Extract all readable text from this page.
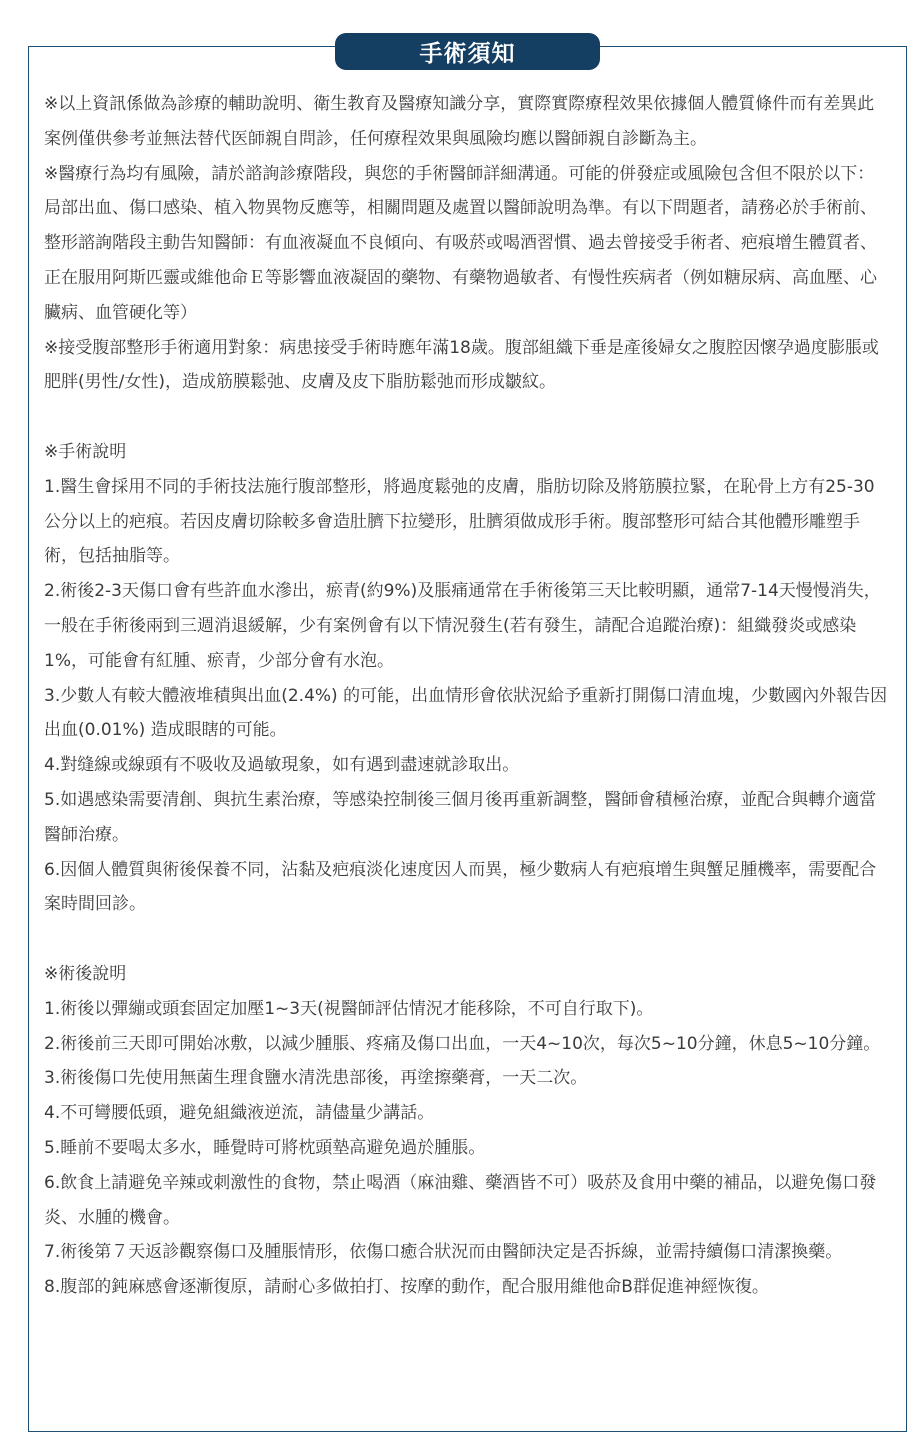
手術須知

※以上資訊係做為診療的輔助說明、衛生教育及醫療知識分享，實際實際療程效果依據個人體質條件而有差異此案例僅供參考並無法替代医師親自問診，任何療程效果與風險均應以醫師親自診斷為主。

※醫療行為均有風險，請於諮詢診療階段，與您的手術醫師詳細溝通。可能的併發症或風險包含但不限於以下：局部出血、傷口感染、植入物異物反應等，相關問題及處置以醫師說明為準。有以下問題者，請務必於手術前、整形諮詢階段主動告知醫師：有血液凝血不良傾向、有吸菸或喝酒習慣、過去曾接受手術者、疤痕增生體質者、正在服用阿斯匹靈或維他命Ｅ等影響血液凝固的藥物、有藥物過敏者、有慢性疾病者（例如糖尿病、高血壓、心臟病、血管硬化等）

※接受腹部整形手術適用對象：病患接受手術時應年滿18歲。腹部組織下垂是產後婦女之腹腔因懷孕過度膨脹或肥胖(男性/女性)，造成筋膜鬆弛、皮膚及皮下脂肪鬆弛而形成皺紋。

※手術說明

1.醫生會採用不同的手術技法施行腹部整形，將過度鬆弛的皮膚，脂肪切除及將筋膜拉緊，在恥骨上方有25-30公分以上的疤痕。若因皮膚切除較多會造肚臍下拉變形，肚臍須做成形手術。腹部整形可結合其他體形雕塑手術，包括抽脂等。

2.術後2-3天傷口會有些許血水滲出，瘀青(約9%)及脹痛通常在手術後第三天比較明顯，通常7-14天慢慢消失，一般在手術後兩到三週消退緩解，少有案例會有以下情況發生(若有發生，請配合追蹤治療)：組織發炎或感染1%，可能會有紅腫、瘀青，少部分會有水泡。

3.少數人有較大體液堆積與出血(2.4%) 的可能，出血情形會依狀況給予重新打開傷口清血塊，少數國內外報告因出血(0.01%) 造成眼瞎的可能。

4.對缝線或線頭有不吸收及過敏現象，如有遇到盡速就診取出。

5.如遇感染需要清創、與抗生素治療，等感染控制後三個月後再重新調整，醫師會積極治療，並配合與轉介適當醫師治療。

6.因個人體質與術後保養不同，沾黏及疤痕淡化速度因人而異，極少數病人有疤痕增生與蟹足腫機率，需要配合案時間回診。

※術後說明

1.術後以彈繃或頭套固定加壓1~3天(視醫師評估情況才能移除，不可自行取下)。

2.術後前三天即可開始冰敷，以減少腫脹、疼痛及傷口出血，一天4~10次，每次5~10分鐘，休息5~10分鐘。

3.術後傷口先使用無菌生理食鹽水清洗患部後，再塗擦藥膏，一天二次。

4.不可彎腰低頭，避免組織液逆流，請儘量少講話。

5.睡前不要喝太多水，睡覺時可將枕頭墊高避免過於腫脹。

6.飲食上請避免辛辣或刺激性的食物，禁止喝酒（麻油雞、藥酒皆不可）吸菸及食用中藥的補品，以避免傷口發炎、水腫的機會。

7.術後第７天返診觀察傷口及腫脹情形，依傷口癒合狀況而由醫師決定是否拆線，並需持續傷口清潔換藥。

8.腹部的鈍麻感會逐漸復原，請耐心多做拍打、按摩的動作，配合服用維他命B群促進神經恢復。
